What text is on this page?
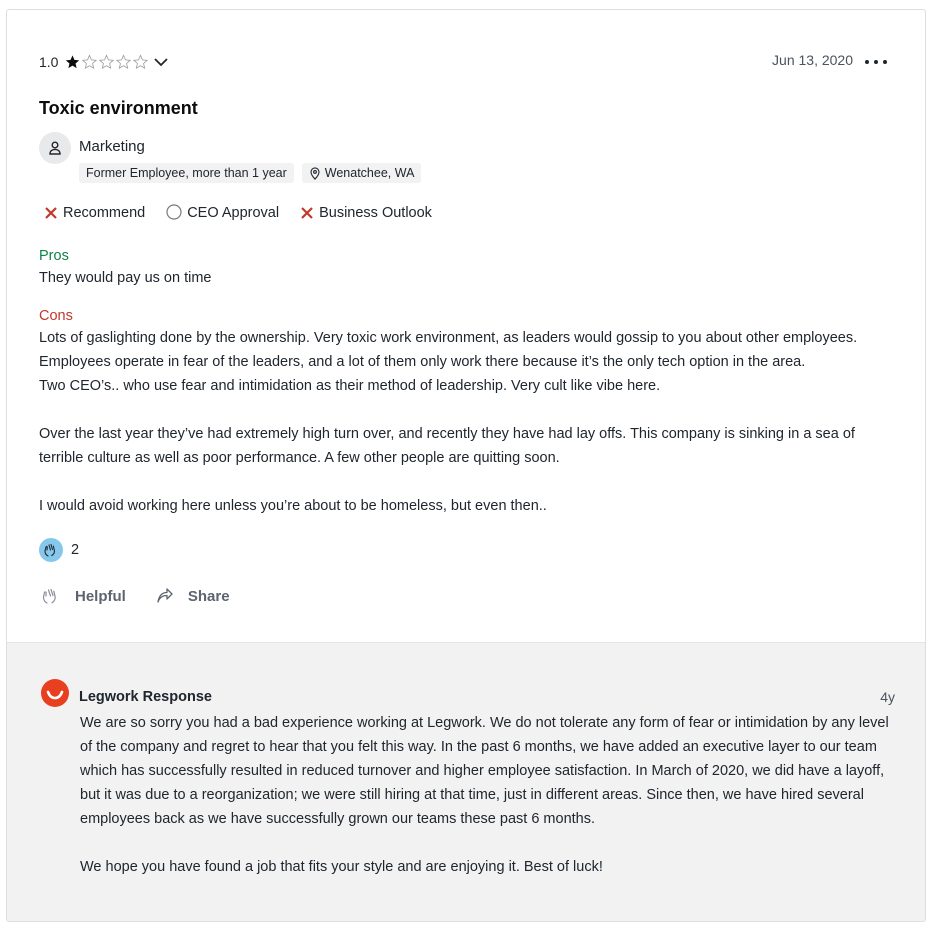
1.0	Jun 13, 2020
Toxic environment
Marketing
Former Employee, more than 1 year	Wenatchee, WA
Recommend	CEO Approval	Business Outlook
Pros
They would pay us on time
Cons

Lots of gaslighting done by the ownership. Very toxic work environment, as leaders would gossip to you about other employees.

Employees operate in fear of the leaders, and a lot of them only work there because it’s the only tech option in the area.

Two CEO’s.. who use fear and intimidation as their method of leadership. Very cult like vibe here.

Over the last year they’ve had extremely high turn over, and recently they have had lay offs. This company is sinking in a sea of

terrible culture as well as poor performance. A few other people are quitting soon.

I would avoid working here unless you’re about to be homeless, but even then..

2
Helpful	Share
Legwork Response	4y

We are so sorry you had a bad experience working at Legwork. We do not tolerate any form of fear or intimidation by any level

of the company and regret to hear that you felt this way. In the past 6 months, we have added an executive layer to our team

which has successfully resulted in reduced turnover and higher employee satisfaction. In March of 2020, we did have a layoff,

but it was due to a reorganization; we were still hiring at that time, just in different areas. Since then, we have hired several

employees back as we have successfully grown our teams these past 6 months.

We hope you have found a job that fits your style and are enjoying it. Best of luck!
